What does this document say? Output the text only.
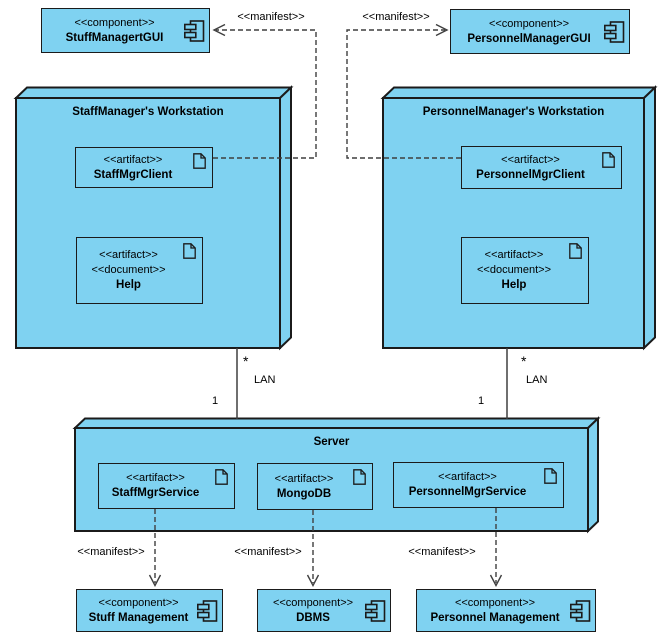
StaffManager's Workstation	PersonnelManager's Workstation
Server
<<component>>
StuffManagertGUI
<<component>>
PersonnelManagerGUI
<<artifact>>
StaffMgrClient
<<artifact>>
PersonnelMgrClient
<<artifact>>
<<document>>
Help
<<artifact>>
<<document>>
Help
<<artifact>>
StaffMgrService
<<artifact>>
MongoDB
<<artifact>>
PersonnelMgrService
<<component>>
Stuff Management
<<component>>
DBMS
<<component>>
Personnel Management
<<manifest>>	<<manifest>>
<<manifest>>	<<manifest>>	<<manifest>>
*
LAN
1
*
LAN
1
